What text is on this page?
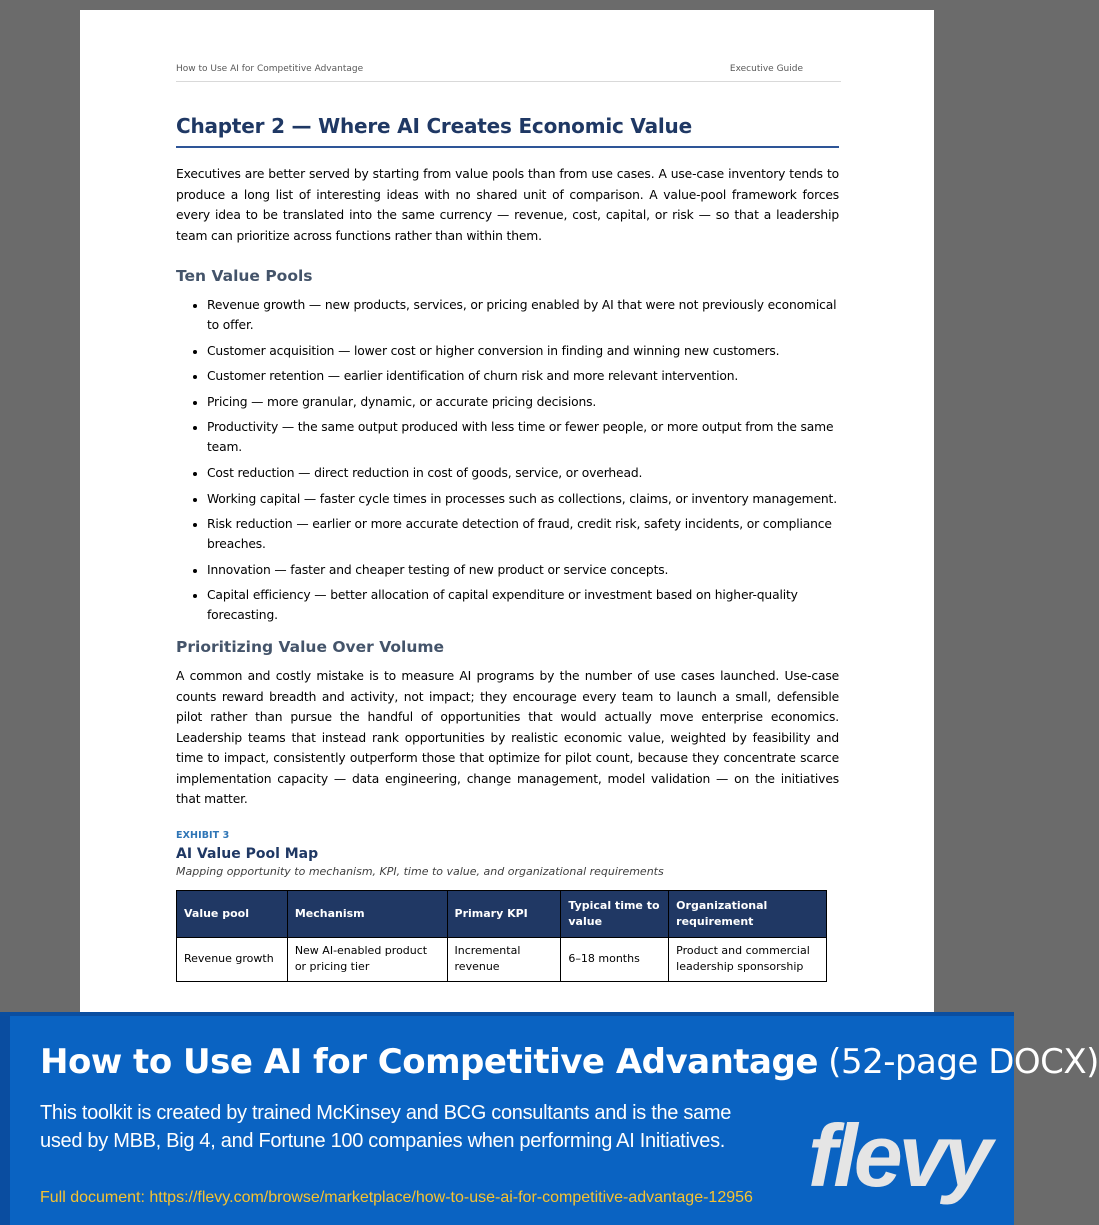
How to Use AI for Competitive Advantage	Executive Guide
Chapter 2 — Where AI Creates Economic Value

Executives are better served by starting from value pools than from use cases. A use-case inventory tends to produce a long list of interesting ideas with no shared unit of comparison. A value-pool framework forces every idea to be translated into the same currency — revenue, cost, capital, or risk — so that a leadership team can prioritize across functions rather than within them.

Ten Value Pools
• Revenue growth — new products, services, or pricing enabled by AI that were not previously economical to offer.
• Customer acquisition — lower cost or higher conversion in finding and winning new customers.
• Customer retention — earlier identification of churn risk and more relevant intervention.
• Pricing — more granular, dynamic, or accurate pricing decisions.
• Productivity — the same output produced with less time or fewer people, or more output from the same team.
• Cost reduction — direct reduction in cost of goods, service, or overhead.
• Working capital — faster cycle times in processes such as collections, claims, or inventory management.
• Risk reduction — earlier or more accurate detection of fraud, credit risk, safety incidents, or compliance breaches.
• Innovation — faster and cheaper testing of new product or service concepts.
• Capital efficiency — better allocation of capital expenditure or investment based on higher-quality forecasting.
Prioritizing Value Over Volume

A common and costly mistake is to measure AI programs by the number of use cases launched. Use-case counts reward breadth and activity, not impact; they encourage every team to launch a small, defensible pilot rather than pursue the handful of opportunities that would actually move enterprise economics. Leadership teams that instead rank opportunities by realistic economic value, weighted by feasibility and time to impact, consistently outperform those that optimize for pilot count, because they concentrate scarce implementation capacity — data engineering, change management, model validation — on the initiatives that matter.

EXHIBIT 3
AI Value Pool Map
Mapping opportunity to mechanism, KPI, time to value, and organizational requirements
Value pool	Mechanism	Primary KPI	Typical time to value	Organizational requirement
Revenue growth	New AI-enabled product or pricing tier	Incremental revenue	6–18 months	Product and commercial leadership sponsorship
How to Use AI for Competitive Advantage (52-page DOCX)
This toolkit is created by trained McKinsey and BCG consultants and is the same used by MBB, Big 4, and Fortune 100 companies when performing AI Initiatives.
Full document: https://flevy.com/browse/marketplace/how-to-use-ai-for-competitive-advantage-12956 flevy
